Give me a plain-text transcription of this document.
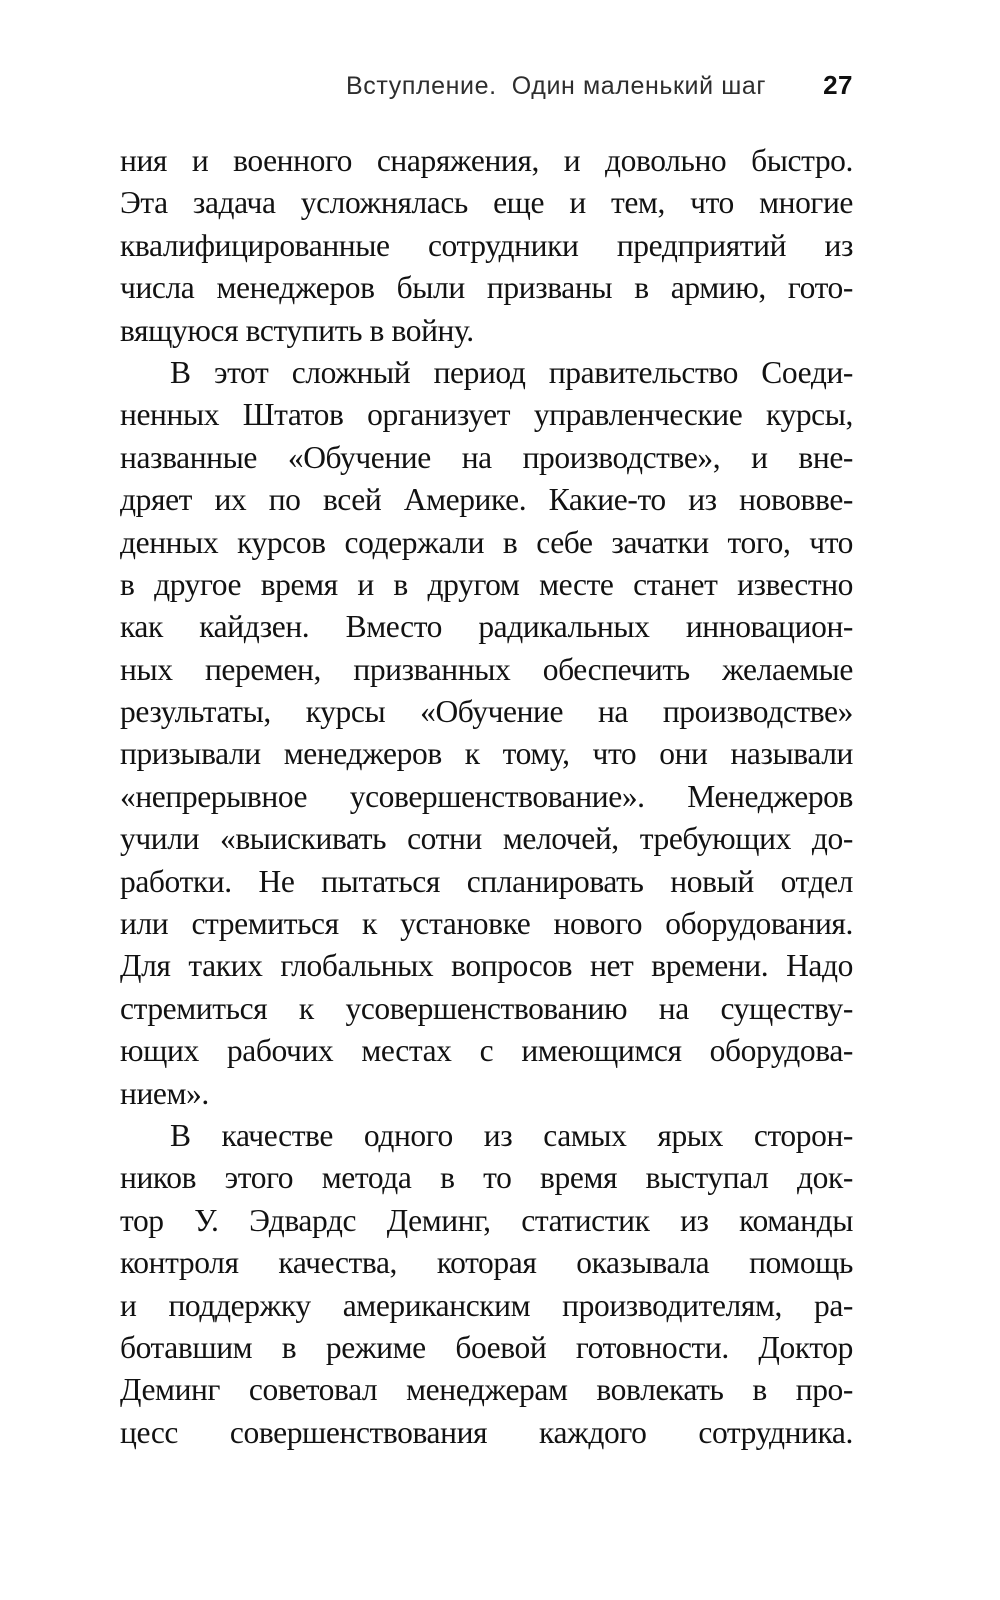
Вступление.  Один маленький шаг 27
ния и военного снаряжения, и довольно быстро.
Эта задача усложнялась еще и тем, что многие
квалифицированные сотрудники предприятий из
числа менеджеров были призваны в армию, гото-
вящуюся вступить в войну.
В этот сложный период правительство Соеди-
ненных Штатов организует управленческие курсы,
названные «Обучение на производстве», и вне-
дряет их по всей Америке. Какие-то из нововве-
денных курсов содержали в себе зачатки того, что
в другое время и в другом месте станет известно
как кайдзен. Вместо радикальных инновацион-
ных перемен, призванных обеспечить желаемые
результаты, курсы «Обучение на производстве»
призывали менеджеров к тому, что они называли
«непрерывное усовершенствование». Менеджеров
учили «выискивать сотни мелочей, требующих до-
работки. Не пытаться спланировать новый отдел
или стремиться к установке нового оборудования.
Для таких глобальных вопросов нет времени. Надо
стремиться к усовершенствованию на существу-
ющих рабочих местах с имеющимся оборудова-
нием».
В качестве одного из самых ярых сторон-
ников этого метода в то время выступал док-
тор У. Эдвардс Деминг, статистик из команды
контроля качества, которая оказывала помощь
и поддержку американским производителям, ра-
ботавшим в режиме боевой готовности. Доктор
Деминг советовал менеджерам вовлекать в про-
цесс совершенствования каждого сотрудника.
